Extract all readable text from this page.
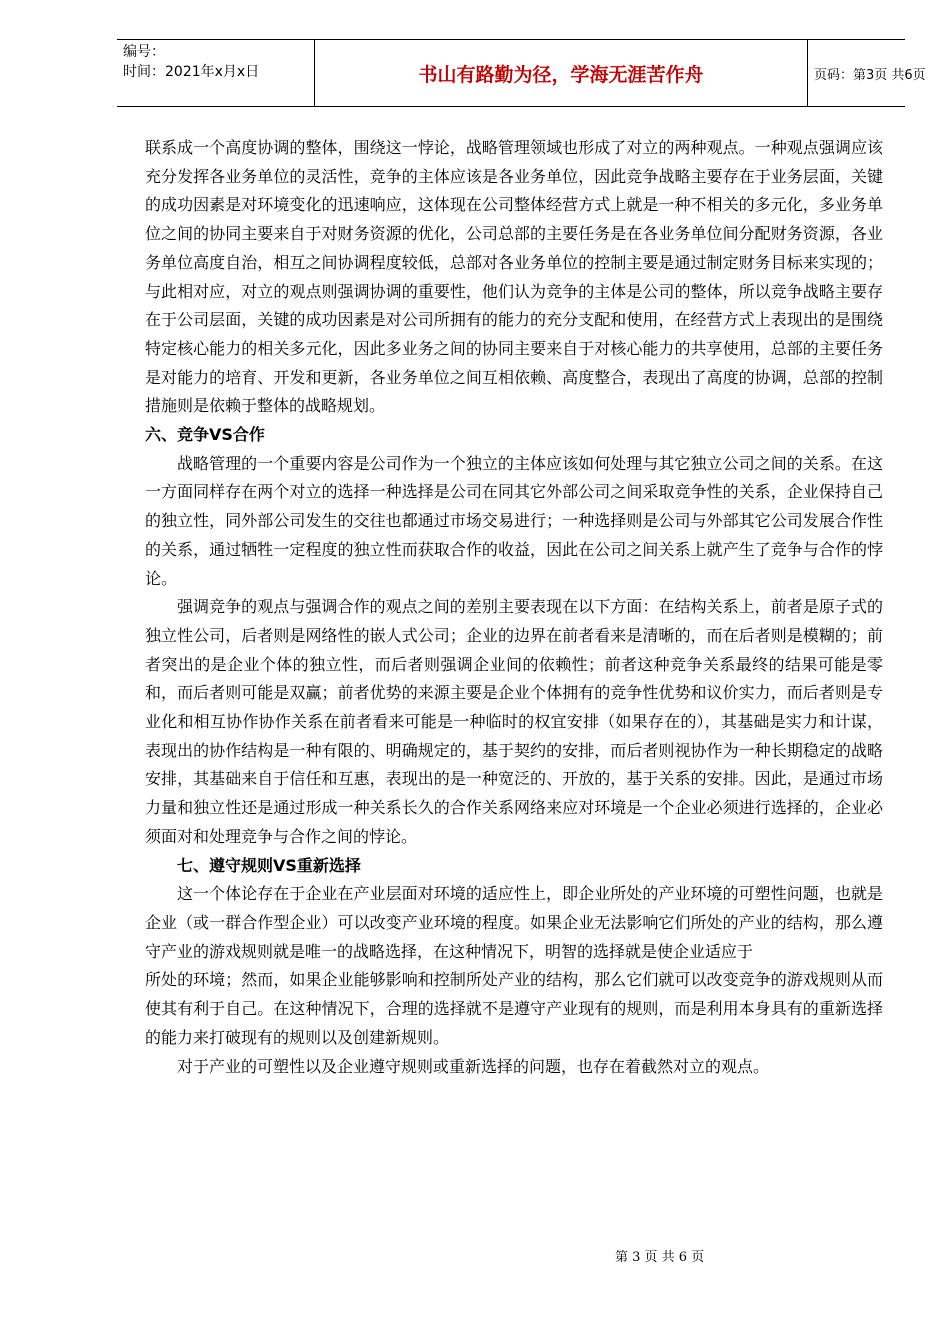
编号：
时间：2021年x月x日	书山有路勤为径，学海无涯苦作舟	页码：第3页 共6页

联系成一个高度协调的整体，围绕这一悖论，战略管理领域也形成了对立的两种观点。一种观点强调应该充分发挥各业务单位的灵活性，竞争的主体应该是各业务单位，因此竞争战略主要存在于业务层面，关键的成功因素是对环境变化的迅速响应，这体现在公司整体经营方式上就是一种不相关的多元化，多业务单位之间的协同主要来自于对财务资源的优化，公司总部的主要任务是在各业务单位间分配财务资源，各业务单位高度自治，相互之间协调程度较低，总部对各业务单位的控制主要是通过制定财务目标来实现的；与此相对应，对立的观点则强调协调的重要性，他们认为竞争的主体是公司的整体，所以竞争战略主要存在于公司层面，关键的成功因素是对公司所拥有的能力的充分支配和使用，在经营方式上表现出的是围绕特定核心能力的相关多元化，因此多业务之间的协同主要来自于对核心能力的共享使用，总部的主要任务是对能力的培育、开发和更新，各业务单位之间互相依赖、高度整合，表现出了高度的协调，总部的控制措施则是依赖于整体的战略规划。

六、竞争VS合作

战略管理的一个重要内容是公司作为一个独立的主体应该如何处理与其它独立公司之间的关系。在这一方面同样存在两个对立的选择一种选择是公司在同其它外部公司之间采取竞争性的关系，企业保持自己的独立性，同外部公司发生的交往也都通过市场交易进行；一种选择则是公司与外部其它公司发展合作性的关系，通过牺牲一定程度的独立性而获取合作的收益，因此在公司之间关系上就产生了竞争与合作的悖论。

强调竞争的观点与强调合作的观点之间的差别主要表现在以下方面：在结构关系上，前者是原子式的独立性公司，后者则是网络性的嵌人式公司；企业的边界在前者看来是清晰的，而在后者则是模糊的；前者突出的是企业个体的独立性，而后者则强调企业间的依赖性；前者这种竞争关系最终的结果可能是零和，而后者则可能是双赢；前者优势的来源主要是企业个体拥有的竞争性优势和议价实力，而后者则是专业化和相互协作协作关系在前者看来可能是一种临时的权宜安排（如果存在的），其基础是实力和计谋，表现出的协作结构是一种有限的、明确规定的，基于契约的安排，而后者则视协作为一种长期稳定的战略安排，其基础来自于信任和互惠，表现出的是一种宽泛的、开放的，基于关系的安排。因此，是通过市场力量和独立性还是通过形成一种关系长久的合作关系网络来应对环境是一个企业必须进行选择的，企业必须面对和处理竞争与合作之间的悖论。

七、遵守规则VS重新选择

这一个体论存在于企业在产业层面对环境的适应性上，即企业所处的产业环境的可塑性问题，也就是企业（或一群合作型企业）可以改变产业环境的程度。如果企业无法影响它们所处的产业的结构，那么遵守产业的游戏规则就是唯一的战略选择，在这种情况下，明智的选择就是使企业适应于

所处的环境；然而，如果企业能够影响和控制所处产业的结构，那么它们就可以改变竞争的游戏规则从而使其有利于自己。在这种情况下，合理的选择就不是遵守产业现有的规则，而是利用本身具有的重新选择的能力来打破现有的规则以及创建新规则。

对于产业的可塑性以及企业遵守规则或重新选择的问题，也存在着截然对立的观点。

第 3 页 共 6 页
